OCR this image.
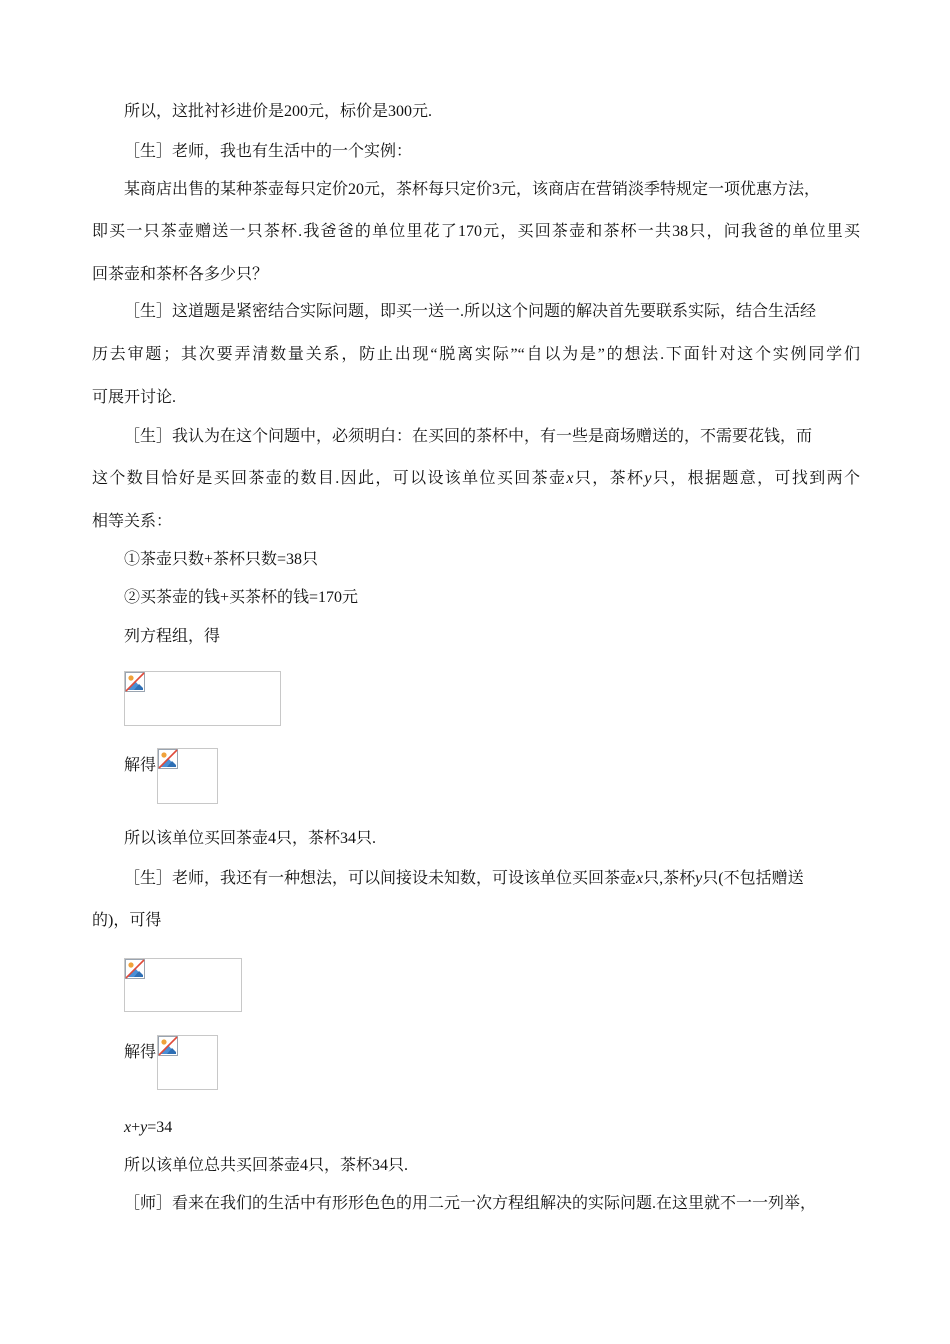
所以，这批衬衫进价是200元，标价是300元.
［生］老师，我也有生活中的一个实例：
某商店出售的某种茶壶每只定价20元，茶杯每只定价3元，该商店在营销淡季特规定一项优惠方法，
即买一只茶壶赠送一只茶杯.我爸爸的单位里花了170元，买回茶壶和茶杯一共38只，问我爸的单位里买
回茶壶和茶杯各多少只？
［生］这道题是紧密结合实际问题，即买一送一.所以这个问题的解决首先要联系实际，结合生活经
历去审题；其次要弄清数量关系，防止出现“脱离实际”“自以为是”的想法.下面针对这个实例同学们
可展开讨论.
［生］我认为在这个问题中，必须明白：在买回的茶杯中，有一些是商场赠送的，不需要花钱，而
这个数目恰好是买回茶壶的数目.因此，可以设该单位买回茶壶x只，茶杯y只，根据题意，可找到两个
相等关系：
①茶壶只数+茶杯只数=38只
②买茶壶的钱+买茶杯的钱=170元
列方程组，得
解得
所以该单位买回茶壶4只，茶杯34只.
［生］老师，我还有一种想法，可以间接设未知数，可设该单位买回茶壶x只,茶杯y只(不包括赠送
的)，可得
解得
x+y=34
所以该单位总共买回茶壶4只，茶杯34只.
［师］看来在我们的生活中有形形色色的用二元一次方程组解决的实际问题.在这里就不一一列举，
